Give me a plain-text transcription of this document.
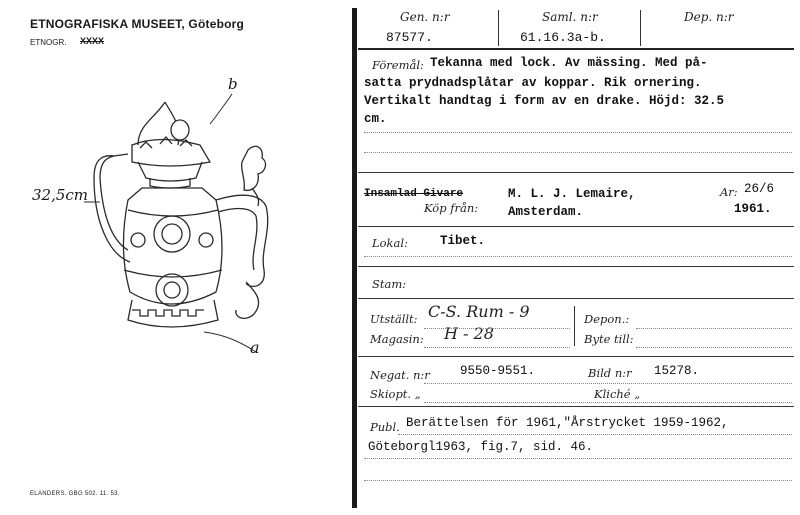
ETNOGRAFISKA MUSEET, Göteborg
ETNOGR. XXXX
32,5cm
b
a
ELANDERS. GBG 502. 11. 53.
Gen. n:r
87577.
Saml. n:r
61.16.3a-b.
Dep. n:r
Föremål: Tekanna med lock. Av mässing. Med på-
satta prydnadsplåtar av koppar. Rik ornering.
Vertikalt handtag i form av en drake. Höjd: 32.5
cm.
Insamlad Givare
Köp från:
M. L. J. Lemaire,
Amsterdam.
Ar: 26/6
1961.
Lokal:	Tibet.
Stam:
Utställt: C-S. Rum - 9
Magasin: H - 28
Depon.:
Byte till:
Negat. n:r 9550-9551.	Bild n:r 15278.
Skiopt. „	Kliché „
Publ. Berättelsen för 1961,"Årstrycket 1959-1962,
Göteborgl1963, fig.7, sid. 46.
